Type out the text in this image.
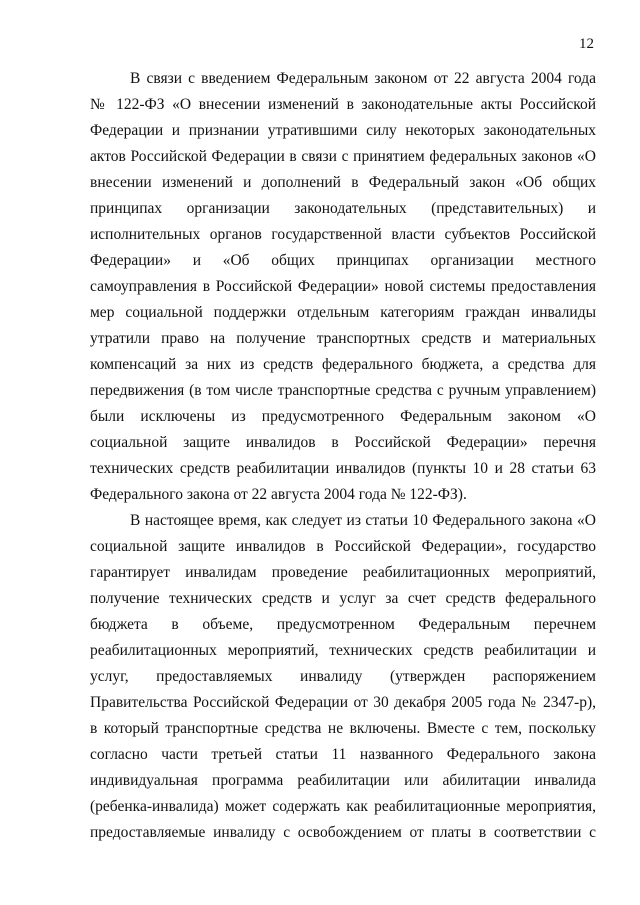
12
В связи с введением Федеральным законом от 22 августа 2004 года
№ 122-ФЗ «О внесении изменений в законодательные акты Российской
Федерации и признании утратившими силу некоторых законодательных
актов Российской Федерации в связи с принятием федеральных законов «О
внесении изменений и дополнений в Федеральный закон «Об общих
принципах организации законодательных (представительных) и
исполнительных органов государственной власти субъектов Российской
Федерации» и «Об общих принципах организации местного
самоуправления в Российской Федерации» новой системы предоставления
мер социальной поддержки отдельным категориям граждан инвалиды
утратили право на получение транспортных средств и материальных
компенсаций за них из средств федерального бюджета, а средства для
передвижения (в том числе транспортные средства с ручным управлением)
были исключены из предусмотренного Федеральным законом «О
социальной защите инвалидов в Российской Федерации» перечня
технических средств реабилитации инвалидов (пункты 10 и 28 статьи 63
Федерального закона от 22 августа 2004 года № 122-ФЗ).
В настоящее время, как следует из статьи 10 Федерального закона «О
социальной защите инвалидов в Российской Федерации», государство
гарантирует инвалидам проведение реабилитационных мероприятий,
получение технических средств и услуг за счет средств федерального
бюджета в объеме, предусмотренном Федеральным перечнем
реабилитационных мероприятий, технических средств реабилитации и
услуг, предоставляемых инвалиду (утвержден распоряжением
Правительства Российской Федерации от 30 декабря 2005 года № 2347-р),
в который транспортные средства не включены. Вместе с тем, поскольку
согласно части третьей статьи 11 названного Федерального закона
индивидуальная программа реабилитации или абилитации инвалида
(ребенка-инвалида) может содержать как реабилитационные мероприятия,
предоставляемые инвалиду с освобождением от платы в соответствии с
